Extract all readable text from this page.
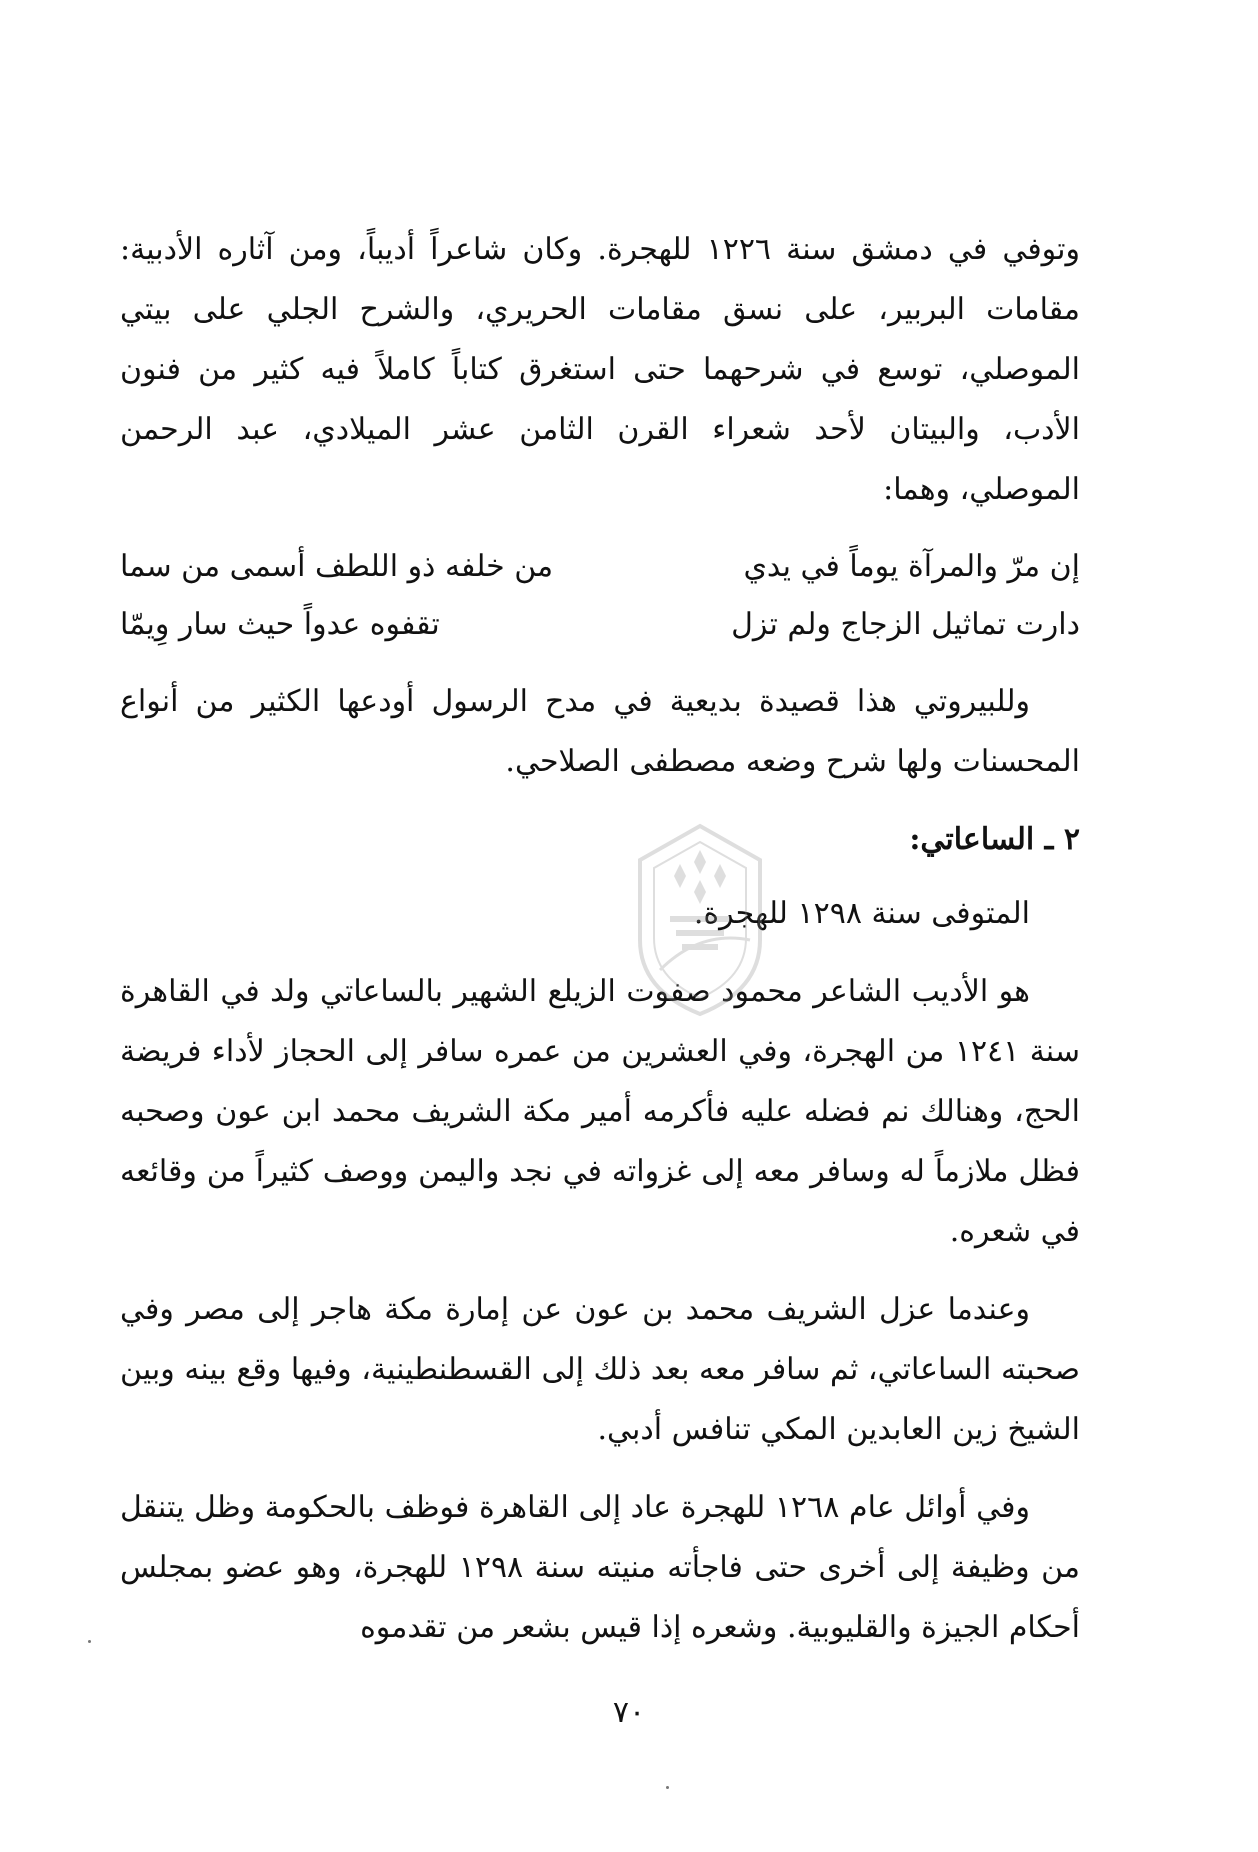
وتوفي في دمشق سنة ١٢٢٦ للهجرة. وكان شاعراً أديباً، ومن آثاره الأدبية: مقامات البربير، على نسق مقامات الحريري، والشرح الجلي على بيتي الموصلي، توسع في شرحهما حتى استغرق كتاباً كاملاً فيه كثير من فنون الأدب، والبيتان لأحد شعراء القرن الثامن عشر الميلادي، عبد الرحمن الموصلي، وهما:

إن مرّ والمرآة يوماً في يدي
من خلفه ذو اللطف أسمى من سما
دارت تماثيل الزجاج ولم تزل
تقفوه عدواً حيث سار وِيمّا

وللبيروتي هذا قصيدة بديعية في مدح الرسول أودعها الكثير من أنواع المحسنات ولها شرح وضعه مصطفى الصلاحي.

٢ ـ الساعاتي:

المتوفى سنة ١٢٩٨ للهجرة.

هو الأديب الشاعر محمود صفوت الزيلع الشهير بالساعاتي ولد في القاهرة سنة ١٢٤١ من الهجرة، وفي العشرين من عمره سافر إلى الحجاز لأداء فريضة الحج، وهنالك نم فضله عليه فأكرمه أمير مكة الشريف محمد ابن عون وصحبه فظل ملازماً له وسافر معه إلى غزواته في نجد واليمن ووصف كثيراً من وقائعه في شعره.

وعندما عزل الشريف محمد بن عون عن إمارة مكة هاجر إلى مصر وفي صحبته الساعاتي، ثم سافر معه بعد ذلك إلى القسطنطينية، وفيها وقع بينه وبين الشيخ زين العابدين المكي تنافس أدبي.

وفي أوائل عام ١٢٦٨ للهجرة عاد إلى القاهرة فوظف بالحكومة وظل يتنقل من وظيفة إلى أخرى حتى فاجأته منيته سنة ١٢٩٨ للهجرة، وهو عضو بمجلس أحكام الجيزة والقليوبية. وشعره إذا قيس بشعر من تقدموه

٧٠
